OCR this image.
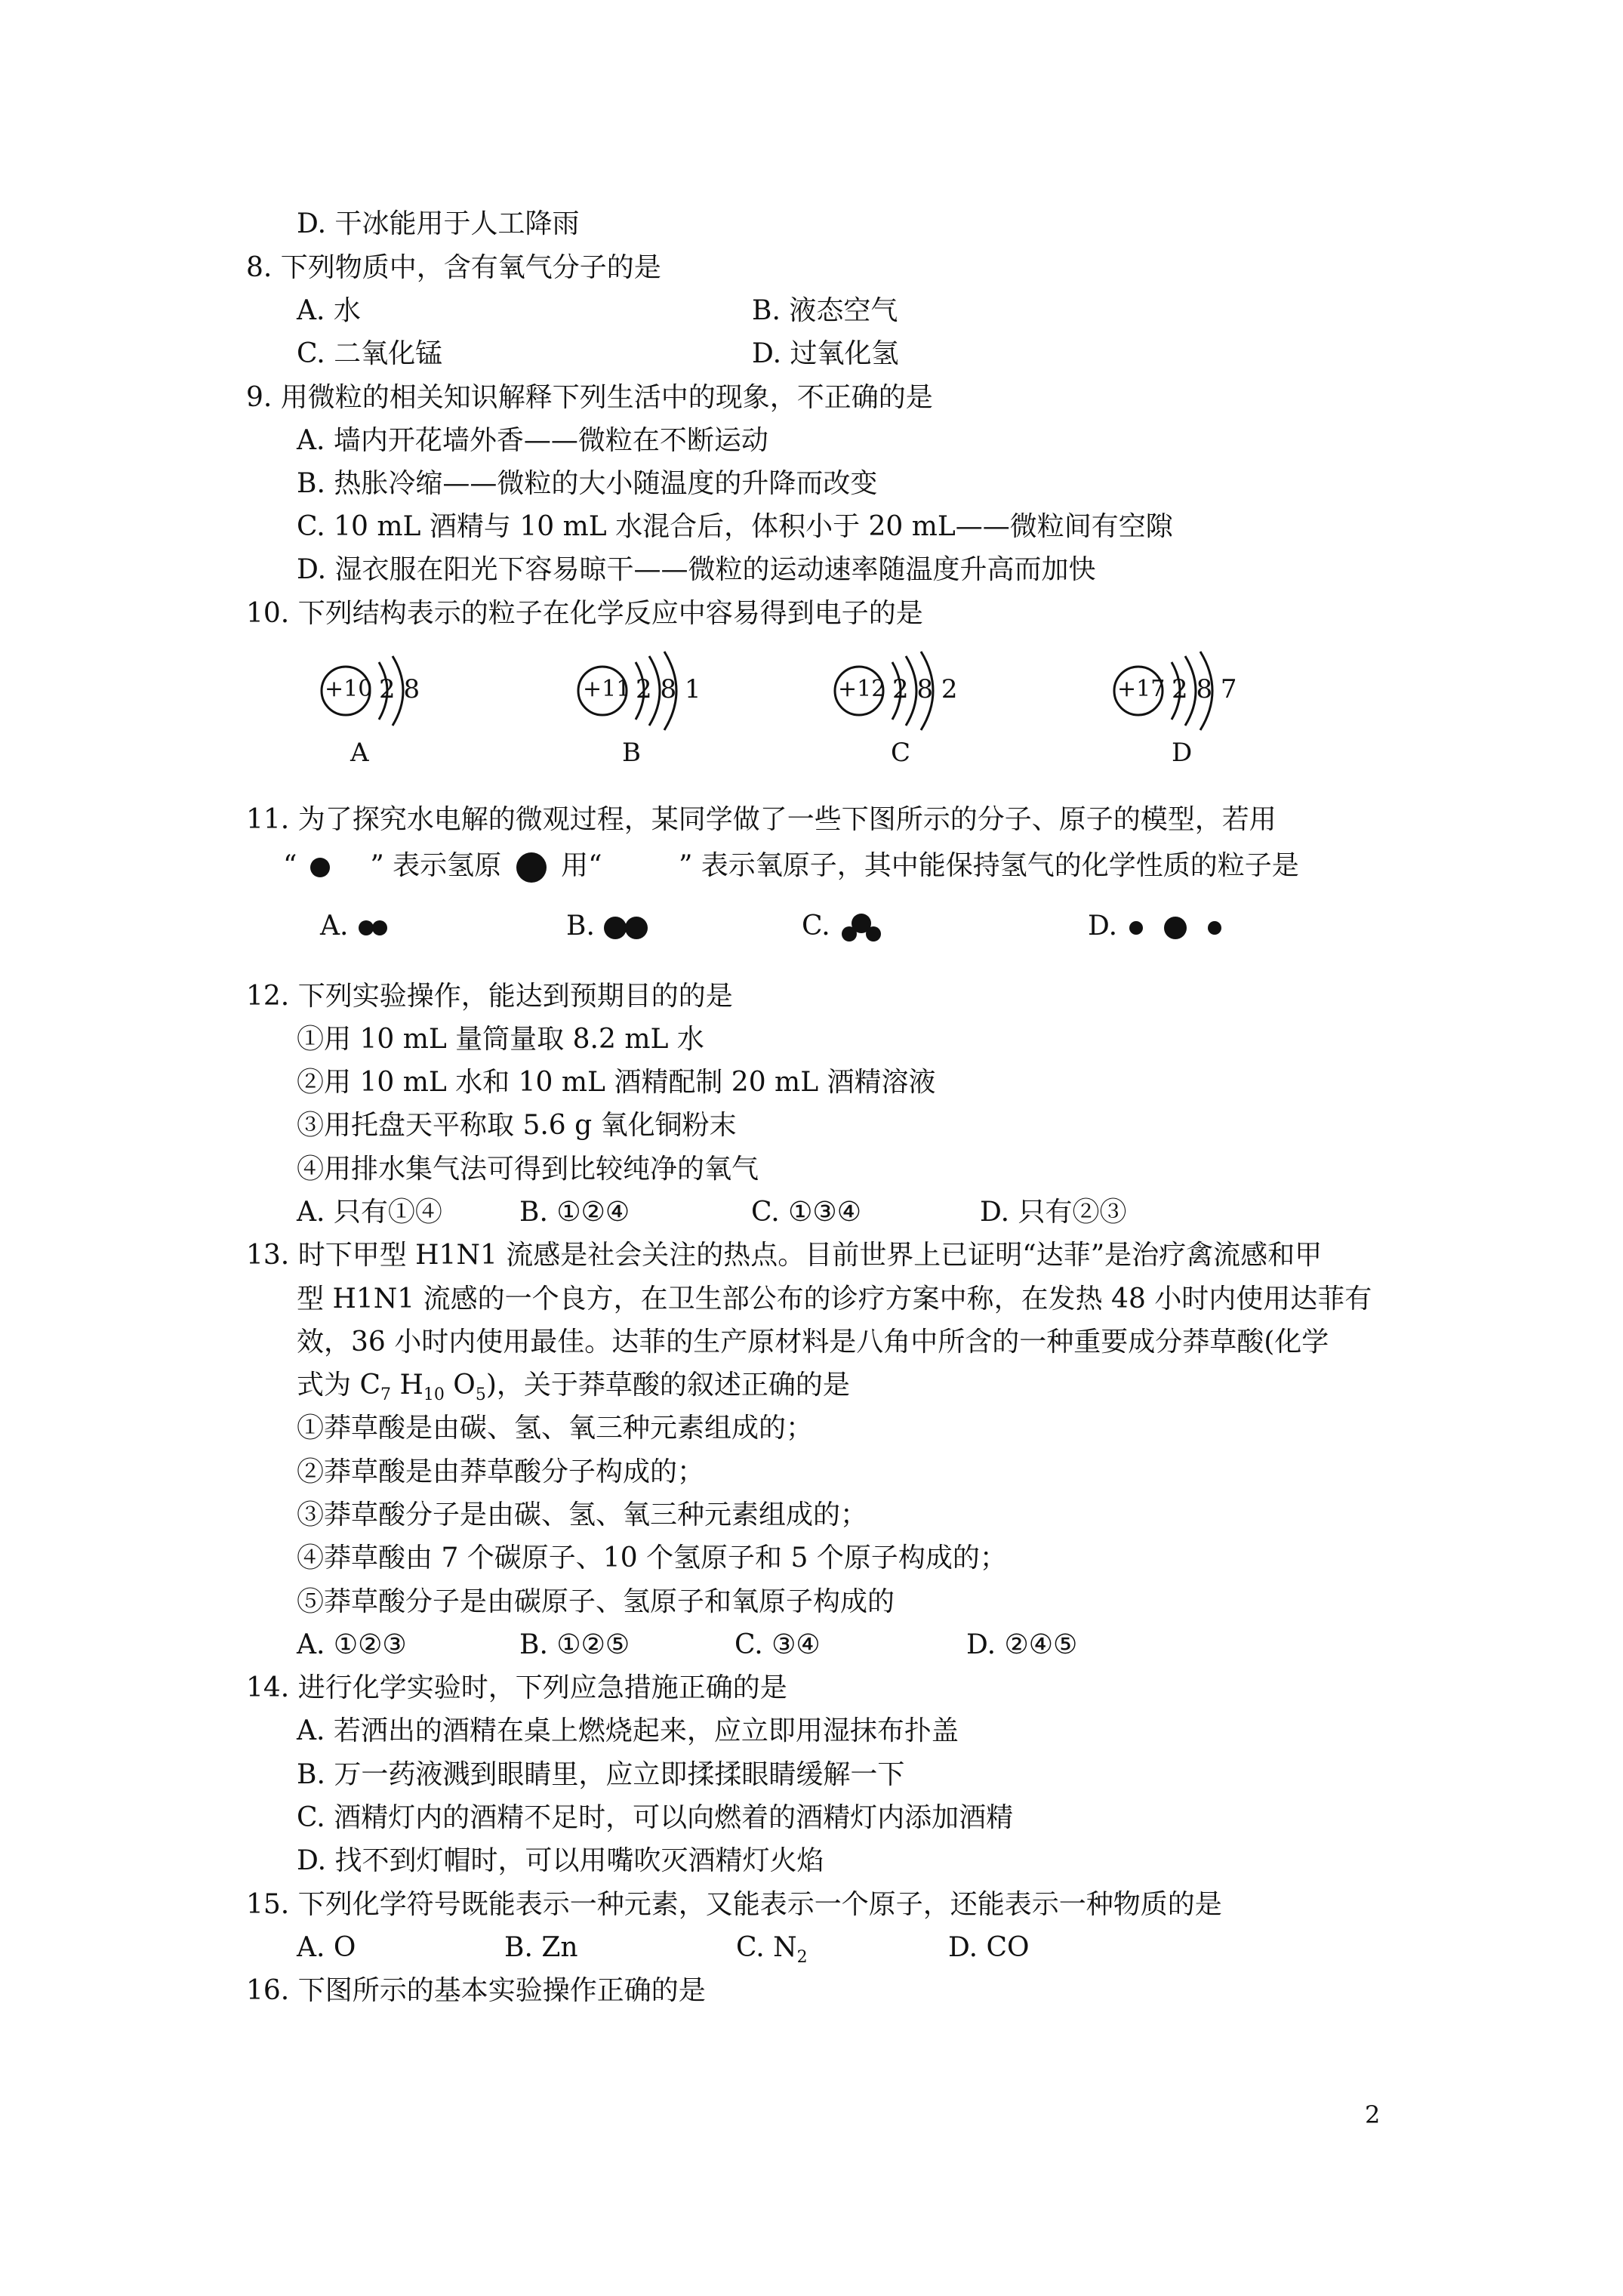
D. 干冰能用于人工降雨
8. 下列物质中，含有氧气分子的是
A. 水	B. 液态空气
C. 二氧化锰	D. 过氧化氢
9. 用微粒的相关知识解释下列生活中的现象，不正确的是
A. 墙内开花墙外香——微粒在不断运动
B. 热胀冷缩——微粒的大小随温度的升降而改变
C. 10 mL 酒精与 10 mL 水混合后，体积小于 20 mL——微粒间有空隙
D. 湿衣服在阳光下容易晾干——微粒的运动速率随温度升高而加快
10. 下列结构表示的粒子在化学反应中容易得到电子的是
+10 2 8
A
+11 2 8 1
B
+12 2 8 2
C
+17 2 8 7
D
11. 为了探究水电解的微观过程，某同学做了一些下图所示的分子、原子的模型，若用
“	” 表示氢原 用“	” 表示氧原子，其中能保持氢气的化学性质的粒子是
A.	B.	C.	D.
12. 下列实验操作，能达到预期目的的是
①用 10 mL 量筒量取 8.2 mL 水
②用 10 mL 水和 10 mL 酒精配制 20 mL 酒精溶液
③用托盘天平称取 5.6 g 氧化铜粉末
④用排水集气法可得到比较纯净的氧气
A. 只有①④	B. ①②④	C. ①③④	D. 只有②③
13. 时下甲型 H1N1 流感是社会关注的热点。目前世界上已证明“达菲”是治疗禽流感和甲
型 H1N1 流感的一个良方，在卫生部公布的诊疗方案中称，在发热 48 小时内使用达菲有
效，36 小时内使用最佳。达菲的生产原材料是八角中所含的一种重要成分莽草酸(化学
式为 $C_7$ $H_{10}$ $O_5$)，关于莽草酸的叙述正确的是
①莽草酸是由碳、氢、氧三种元素组成的；
②莽草酸是由莽草酸分子构成的；
③莽草酸分子是由碳、氢、氧三种元素组成的；
④莽草酸由 7 个碳原子、10 个氢原子和 5 个原子构成的；
⑤莽草酸分子是由碳原子、氢原子和氧原子构成的
A. ①②③	B. ①②⑤	C. ③④	D. ②④⑤
14. 进行化学实验时，下列应急措施正确的是
A. 若洒出的酒精在桌上燃烧起来，应立即用湿抹布扑盖
B. 万一药液溅到眼睛里，应立即揉揉眼睛缓解一下
C. 酒精灯内的酒精不足时，可以向燃着的酒精灯内添加酒精
D. 找不到灯帽时，可以用嘴吹灭酒精灯火焰
15. 下列化学符号既能表示一种元素，又能表示一个原子，还能表示一种物质的是
A. O	B. Zn	C. $N_2$	D. CO
16. 下图所示的基本实验操作正确的是
2
